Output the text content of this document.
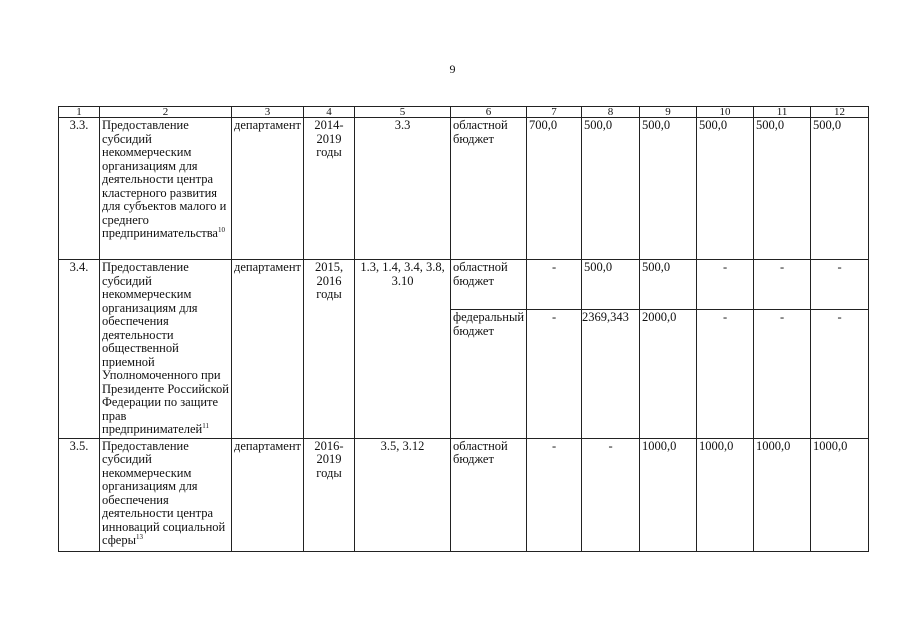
9
1	2	3	4	5	6	7	8	9	10	11	12
3.3.	Предоставление субсидий некоммерческим организациям для деятельности центра кластерного развития для субъектов малого и среднего предпринимательства$^{10}$	департамент	2014-2019 годы	3.3	областной бюджет	700,0	500,0	500,0	500,0	500,0	500,0
3.4.	Предоставление субсидий некоммерческим организациям для обеспечения деятельности общественной приемной Уполномоченного при Президенте Российской Федерации по защите прав предпринимателей$^{11}$	департамент	2015, 2016 годы	1.3, 1.4, 3.4, 3.8, 3.10	областной бюджет	-	500,0	500,0	-	-	-
					федеральный бюджет	-	2369,343	2000,0	-	-	-
3.5.	Предоставление субсидий некоммерческим организациям для обеспечения деятельности центра инноваций социальной сферы$^{13}$	департамент	2016-2019 годы	3.5, 3.12	областной бюджет	-	-	1000,0	1000,0	1000,0	1000,0
